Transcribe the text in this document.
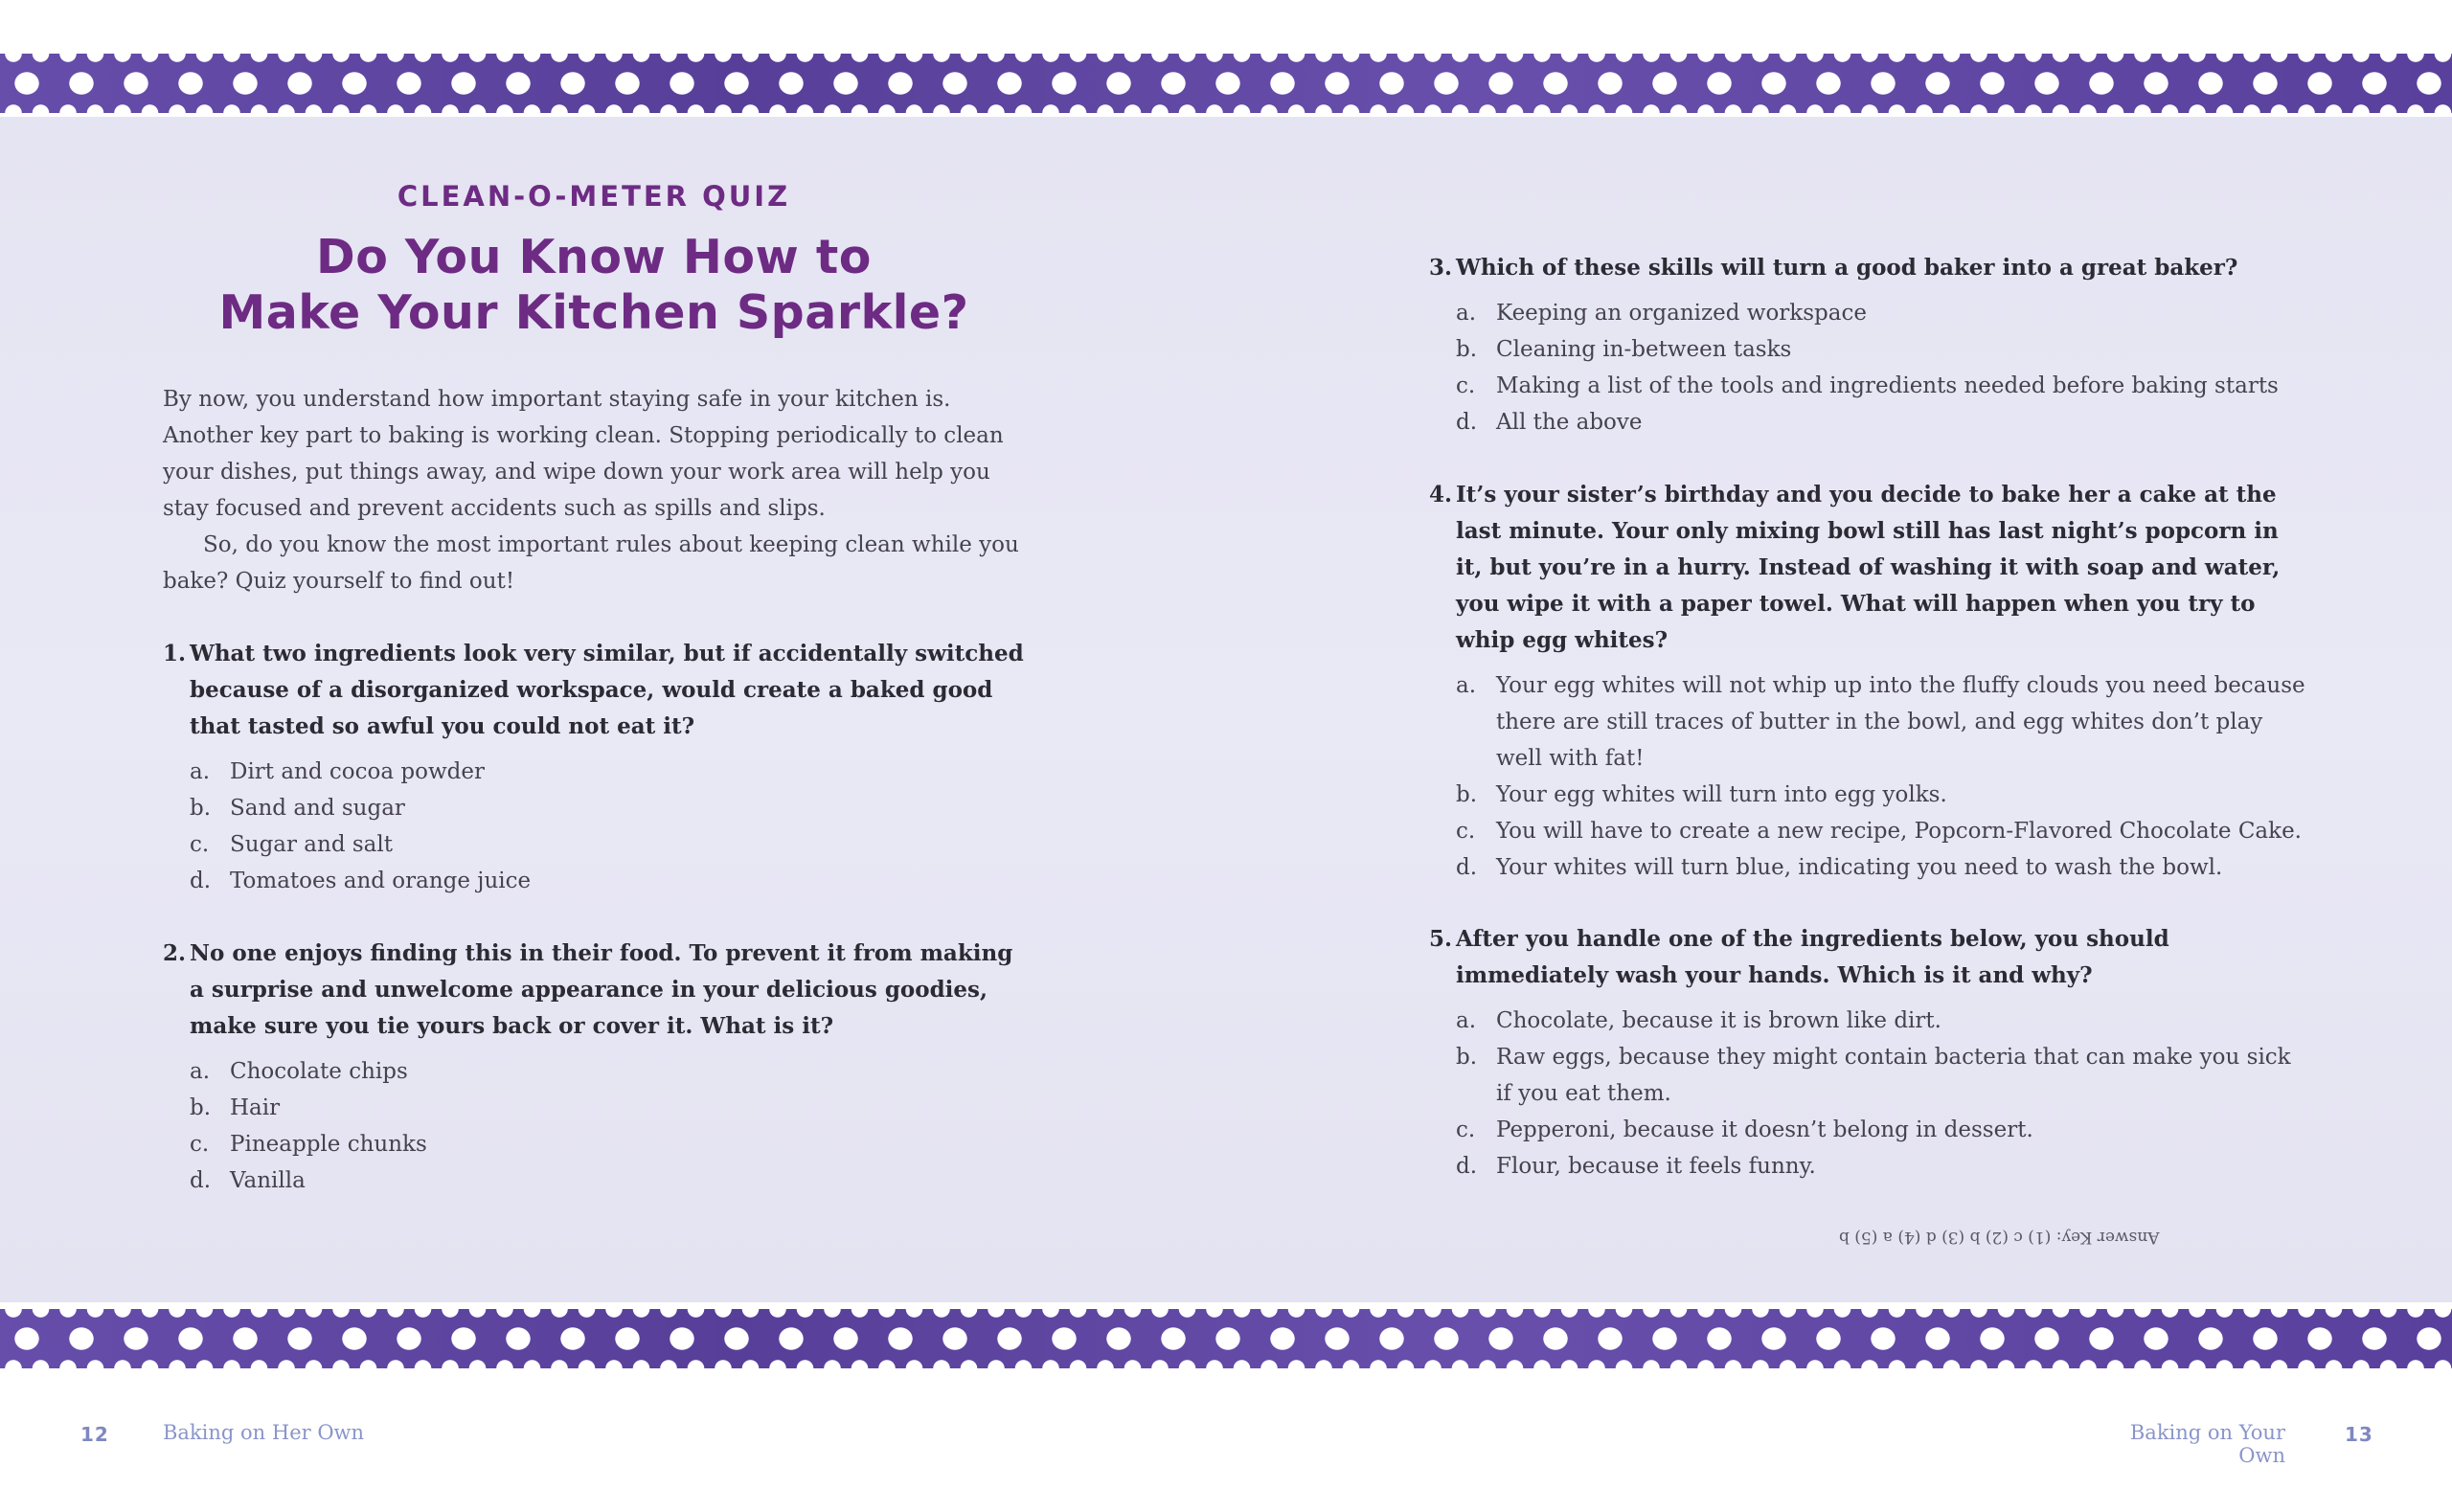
CLEAN-O-METER QUIZ
Do You Know How to
Make Your Kitchen Sparkle?

By now, you understand how important staying safe in your kitchen is. Another key part to baking is working clean. Stopping periodically to clean your dishes, put things away, and wipe down your work area will help you stay focused and prevent accidents such as spills and slips.

So, do you know the most important rules about keeping clean while you bake? Quiz yourself to find out!

1. What two ingredients look very similar, but if accidentally switched because of a disorganized workspace, would create a baked good that tasted so awful you could not eat it?
a. Dirt and cocoa powder
b. Sand and sugar
c. Sugar and salt
d. Tomatoes and orange juice
2. No one enjoys finding this in their food. To prevent it from making a surprise and unwelcome appearance in your delicious goodies, make sure you tie yours back or cover it. What is it?
a. Chocolate chips
b. Hair
c. Pineapple chunks
d. Vanilla
3. Which of these skills will turn a good baker into a great baker?
a. Keeping an organized workspace
b. Cleaning in-between tasks
c. Making a list of the tools and ingredients needed before baking starts
d. All the above
4. It’s your sister’s birthday and you decide to bake her a cake at the last minute. Your only mixing bowl still has last night’s popcorn in it, but you’re in a hurry. Instead of washing it with soap and water, you wipe it with a paper towel. What will happen when you try to whip egg whites?
a. Your egg whites will not whip up into the fluffy clouds you need because there are still traces of butter in the bowl, and egg whites don’t play well with fat!
b. Your egg whites will turn into egg yolks.
c. You will have to create a new recipe, Popcorn-Flavored Chocolate Cake.
d. Your whites will turn blue, indicating you need to wash the bowl.
5. After you handle one of the ingredients below, you should immediately wash your hands. Which is it and why?
a. Chocolate, because it is brown like dirt.
b. Raw eggs, because they might contain bacteria that can make you sick if you eat them.
c. Pepperoni, because it doesn’t belong in dessert.
d. Flour, because it feels funny.
Answer Key: (1) c (2) b (3) d (4) a (5) b
12	Baking on Her Own	Baking on Your Own
13
